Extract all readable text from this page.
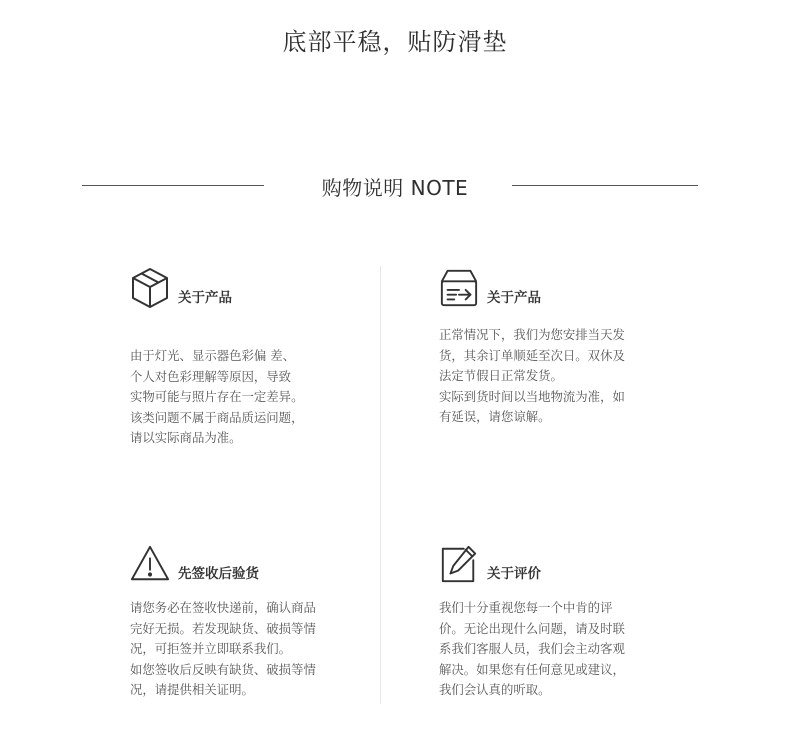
底部平稳，贴防滑垫
购物说明 NOTE
关于产品
由于灯光、显示器色彩偏 差、
个人对色彩理解等原因，导致
实物可能与照片存在一定差异。
该类问题不属于商品质运问题，
请以实际商品为准。
关于产品
正常情况下，我们为您安排当天发
货，其余订单顺延至次日。双休及
法定节假日正常发货。
实际到货时间以当地物流为准，如
有延误，请您谅解。
先签收后验货
请您务必在签收快递前，确认商品
完好无损。若发现缺货、破损等情
况，可拒签并立即联系我们。
如您签收后反映有缺货、破损等情
况，请提供相关证明。
关于评价
我们十分重视您每一个中肯的评
价。无论出现什么问题，请及时联
系我们客服人员，我们会主动客观
解决。如果您有任何意见或建议，
我们会认真的听取。
